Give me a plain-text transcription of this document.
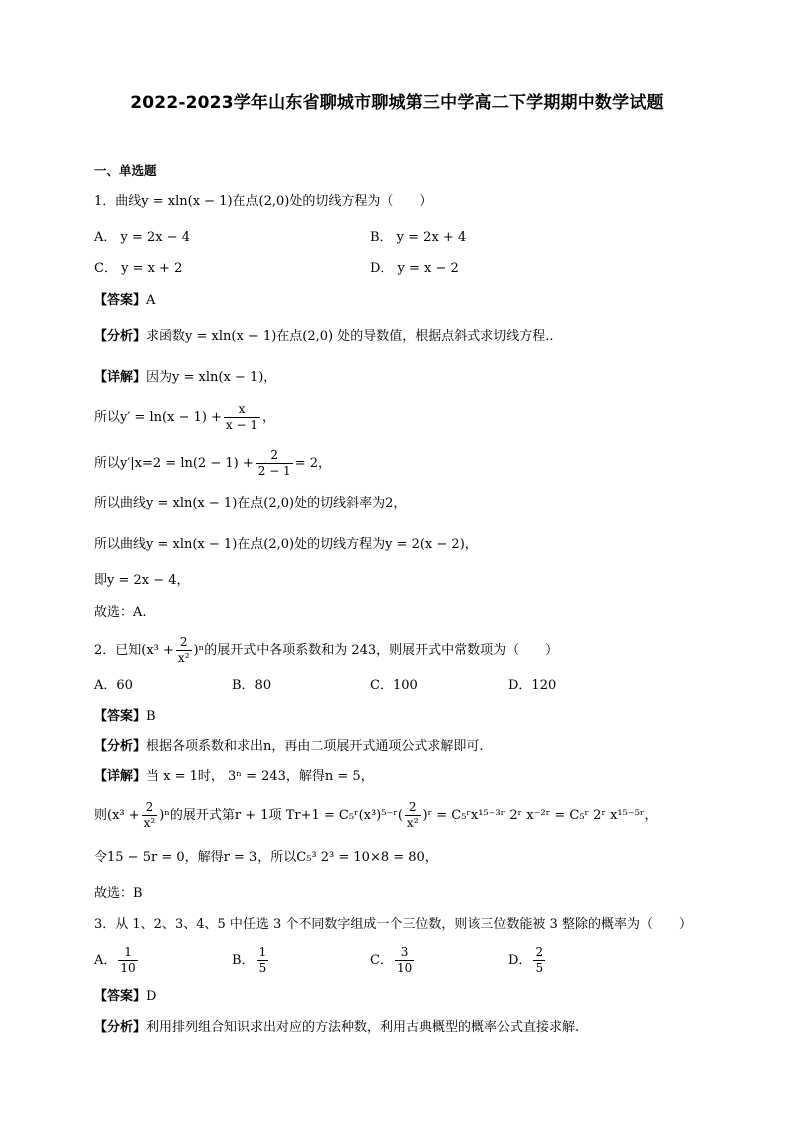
2022-2023学年山东省聊城市聊城第三中学高二下学期期中数学试题
一、单选题
1．曲线y = xln(x − 1)在点(2,0)处的切线方程为（　　）
A． y = 2x − 4	B． y = 2x + 4
C． y = x + 2	D． y = x − 2
【答案】A
【分析】求函数y = xln(x − 1)在点(2,0) 处的导数值，根据点斜式求切线方程..
【详解】因为y = xln(x − 1)，
所以$y' = \ln(x - 1) + \frac{x}{x - 1}$ ，
所以$y'|x=2 = \ln(2 - 1) + \frac{2}{2 - 1} = 2$，
所以曲线y = xln(x − 1)在点(2,0)处的切线斜率为2，
所以曲线y = xln(x − 1)在点(2,0)处的切线方程为y = 2(x − 2)，
即y = 2x − 4，
故选：A.
2．已知$(x^3 + \frac{2}{\text{x²}} )^n$的展开式中各项系数和为 243，则展开式中常数项为（　　）
A．60	B．80	C．100	D．120
【答案】B
【分析】根据各项系数和求出n，再由二项展开式通项公式求解即可.
【详解】当 x = 1时， 3ⁿ = 243，解得n = 5，
则$(x^3 + \frac{2}{\text{x²}} )^n$的展开式第r + 1项 Tr+1 = C₅ʳ(x³)⁵⁻ʳ( $\frac{2}{\text{x²}}$ )ʳ = C₅ʳx¹⁵⁻³ʳ 2ʳ x⁻²ʳ = C₅ʳ 2ʳ x¹⁵⁻⁵ʳ，
令15 − 5r = 0，解得r = 3，所以C₅³ 2³ = 10×8 = 80，
故选：B
3．从 1、2、3、4、5 中任选 3 个不同数字组成一个三位数，则该三位数能被 3 整除的概率为（　　）
A． $\frac{1}{10}$	B． $\frac{1}{5}$	C． $\frac{3}{10}$	D． $\frac{2}{5}$
【答案】D
【分析】利用排列组合知识求出对应的方法种数，利用古典概型的概率公式直接求解.
